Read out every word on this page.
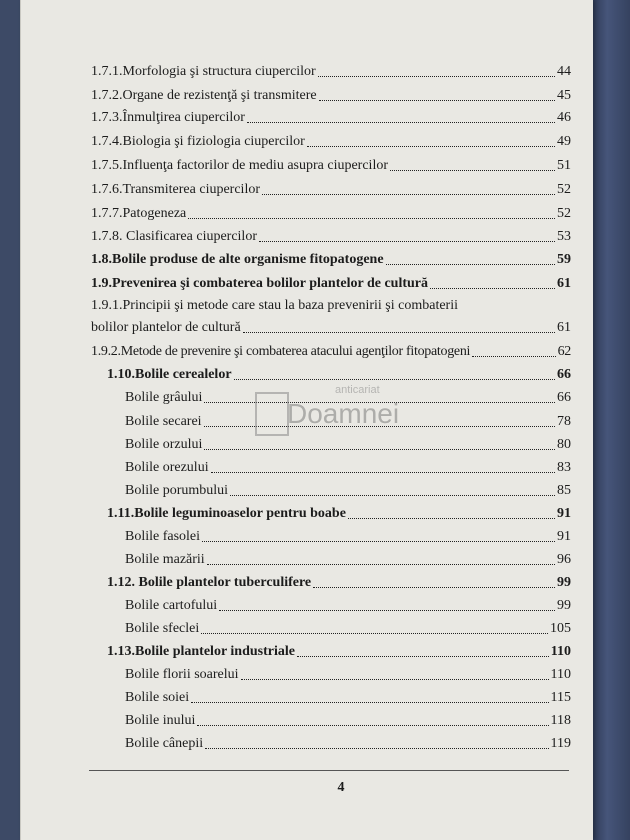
1.7.1.Morfologia şi structura ciupercilor	44
1.7.2.Organe de rezistenţă şi transmitere	45
1.7.3.Înmulţirea ciupercilor	46
1.7.4.Biologia şi fiziologia ciupercilor	49
1.7.5.Influenţa factorilor de mediu asupra ciupercilor	51
1.7.6.Transmiterea ciupercilor	52
1.7.7.Patogeneza	52
1.7.8. Clasificarea ciupercilor	53
1.8.Bolile produse de alte organisme fitopatogene	59
1.9.Prevenirea şi combaterea bolilor plantelor de cultură	61
1.9.1.Principii şi metode care stau la baza prevenirii şi combaterii
bolilor plantelor de cultură	61
1.9.2.Metode de prevenire şi combaterea atacului agenţilor fitopatogeni	62
1.10.Bolile cerealelor	66
Bolile grâului	66
Bolile secarei	78
Bolile orzului	80
Bolile orezului	83
Bolile porumbului	85
1.11.Bolile leguminoaselor pentru boabe	91
Bolile fasolei	91
Bolile mazării	96
1.12. Bolile plantelor tuberculifere	99
Bolile cartofului	99
Bolile sfeclei	105
1.13.Bolile plantelor industriale	110
Bolile florii soarelui	110
Bolile soiei	115
Bolile inului	118
Bolile cânepii	119
anticariat
Doamnei
4
